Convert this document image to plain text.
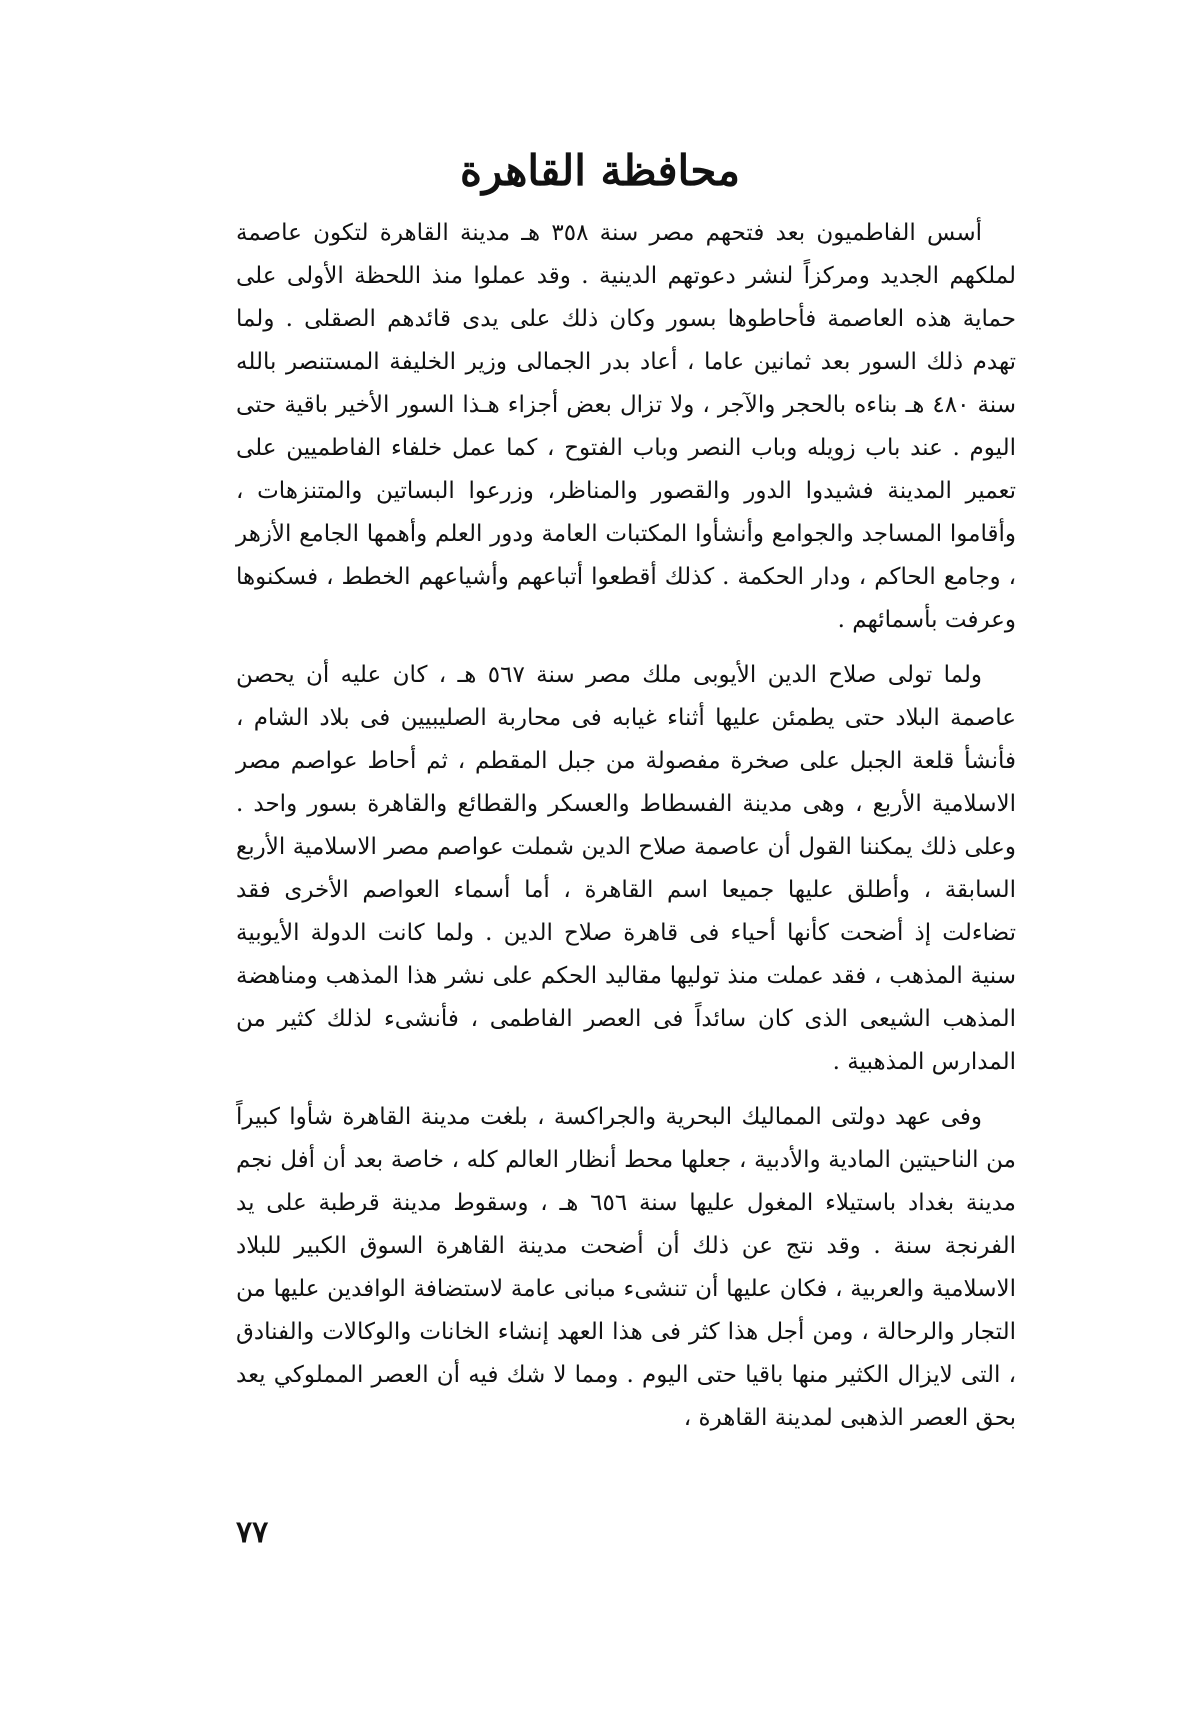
محافظة القاهرة

أسس الفاطميون بعد فتحهم مصر سنة ٣٥٨ هـ مدينة القاهرة لتكون عاصمة لملكهم الجديد ومركزاً لنشر دعوتهم الدينية . وقد عملوا منذ اللحظة الأولى على حماية هذه العاصمة فأحاطوها بسور وكان ذلك على يدى قائدهم الصقلى . ولما تهدم ذلك السور بعد ثمانين عاما ، أعاد بدر الجمالى وزير الخليفة المستنصر بالله سنة ٤٨٠ هـ بناءه بالحجر والآجر ، ولا تزال بعض أجزاء هـذا السور الأخير باقية حتى اليوم . عند باب زويله وباب النصر وباب الفتوح ، كما عمل خلفاء الفاطميين على تعمير المدينة فشيدوا الدور والقصور والمناظر، وزرعوا البساتين والمتنزهات ، وأقاموا المساجد والجوامع وأنشأوا المكتبات العامة ودور العلم وأهمها الجامع الأزهر ، وجامع الحاكم ، ودار الحكمة . كذلك أقطعوا أتباعهم وأشياعهم الخطط ، فسكنوها وعرفت بأسمائهم .

ولما تولى صلاح الدين الأيوبى ملك مصر سنة ٥٦٧ هـ ، كان عليه أن يحصن عاصمة البلاد حتى يطمئن عليها أثناء غيابه فى محاربة الصليبيين فى بلاد الشام ، فأنشأ قلعة الجبل على صخرة مفصولة من جبل المقطم ، ثم أحاط عواصم مصر الاسلامية الأربع ، وهى مدينة الفسطاط والعسكر والقطائع والقاهرة بسور واحد . وعلى ذلك يمكننا القول أن عاصمة صلاح الدين شملت عواصم مصر الاسلامية الأربع السابقة ، وأطلق عليها جميعا اسم القاهرة ، أما أسماء العواصم الأخرى فقد تضاءلت إذ أضحت كأنها أحياء فى قاهرة صلاح الدين . ولما كانت الدولة الأيوبية سنية المذهب ، فقد عملت منذ توليها مقاليد الحكم على نشر هذا المذهب ومناهضة المذهب الشيعى الذى كان سائداً فى العصر الفاطمى ، فأنشىء لذلك كثير من المدارس المذهبية .

وفى عهد دولتى المماليك البحرية والجراكسة ، بلغت مدينة القاهرة شأوا كبيراً من الناحيتين المادية والأدبية ، جعلها محط أنظار العالم كله ، خاصة بعد أن أفل نجم مدينة بغداد باستيلاء المغول عليها سنة ٦٥٦ هـ ، وسقوط مدينة قرطبة على يد الفرنجة سنة . وقد نتج عن ذلك أن أضحت مدينة القاهرة السوق الكبير للبلاد الاسلامية والعربية ، فكان عليها أن تنشىء مبانى عامة لاستضافة الوافدين عليها من التجار والرحالة ، ومن أجل هذا كثر فى هذا العهد إنشاء الخانات والوكالات والفنادق ، التى لايزال الكثير منها باقيا حتى اليوم . ومما لا شك فيه أن العصر المملوكي يعد بحق العصر الذهبى لمدينة القاهرة ،

٧٧
